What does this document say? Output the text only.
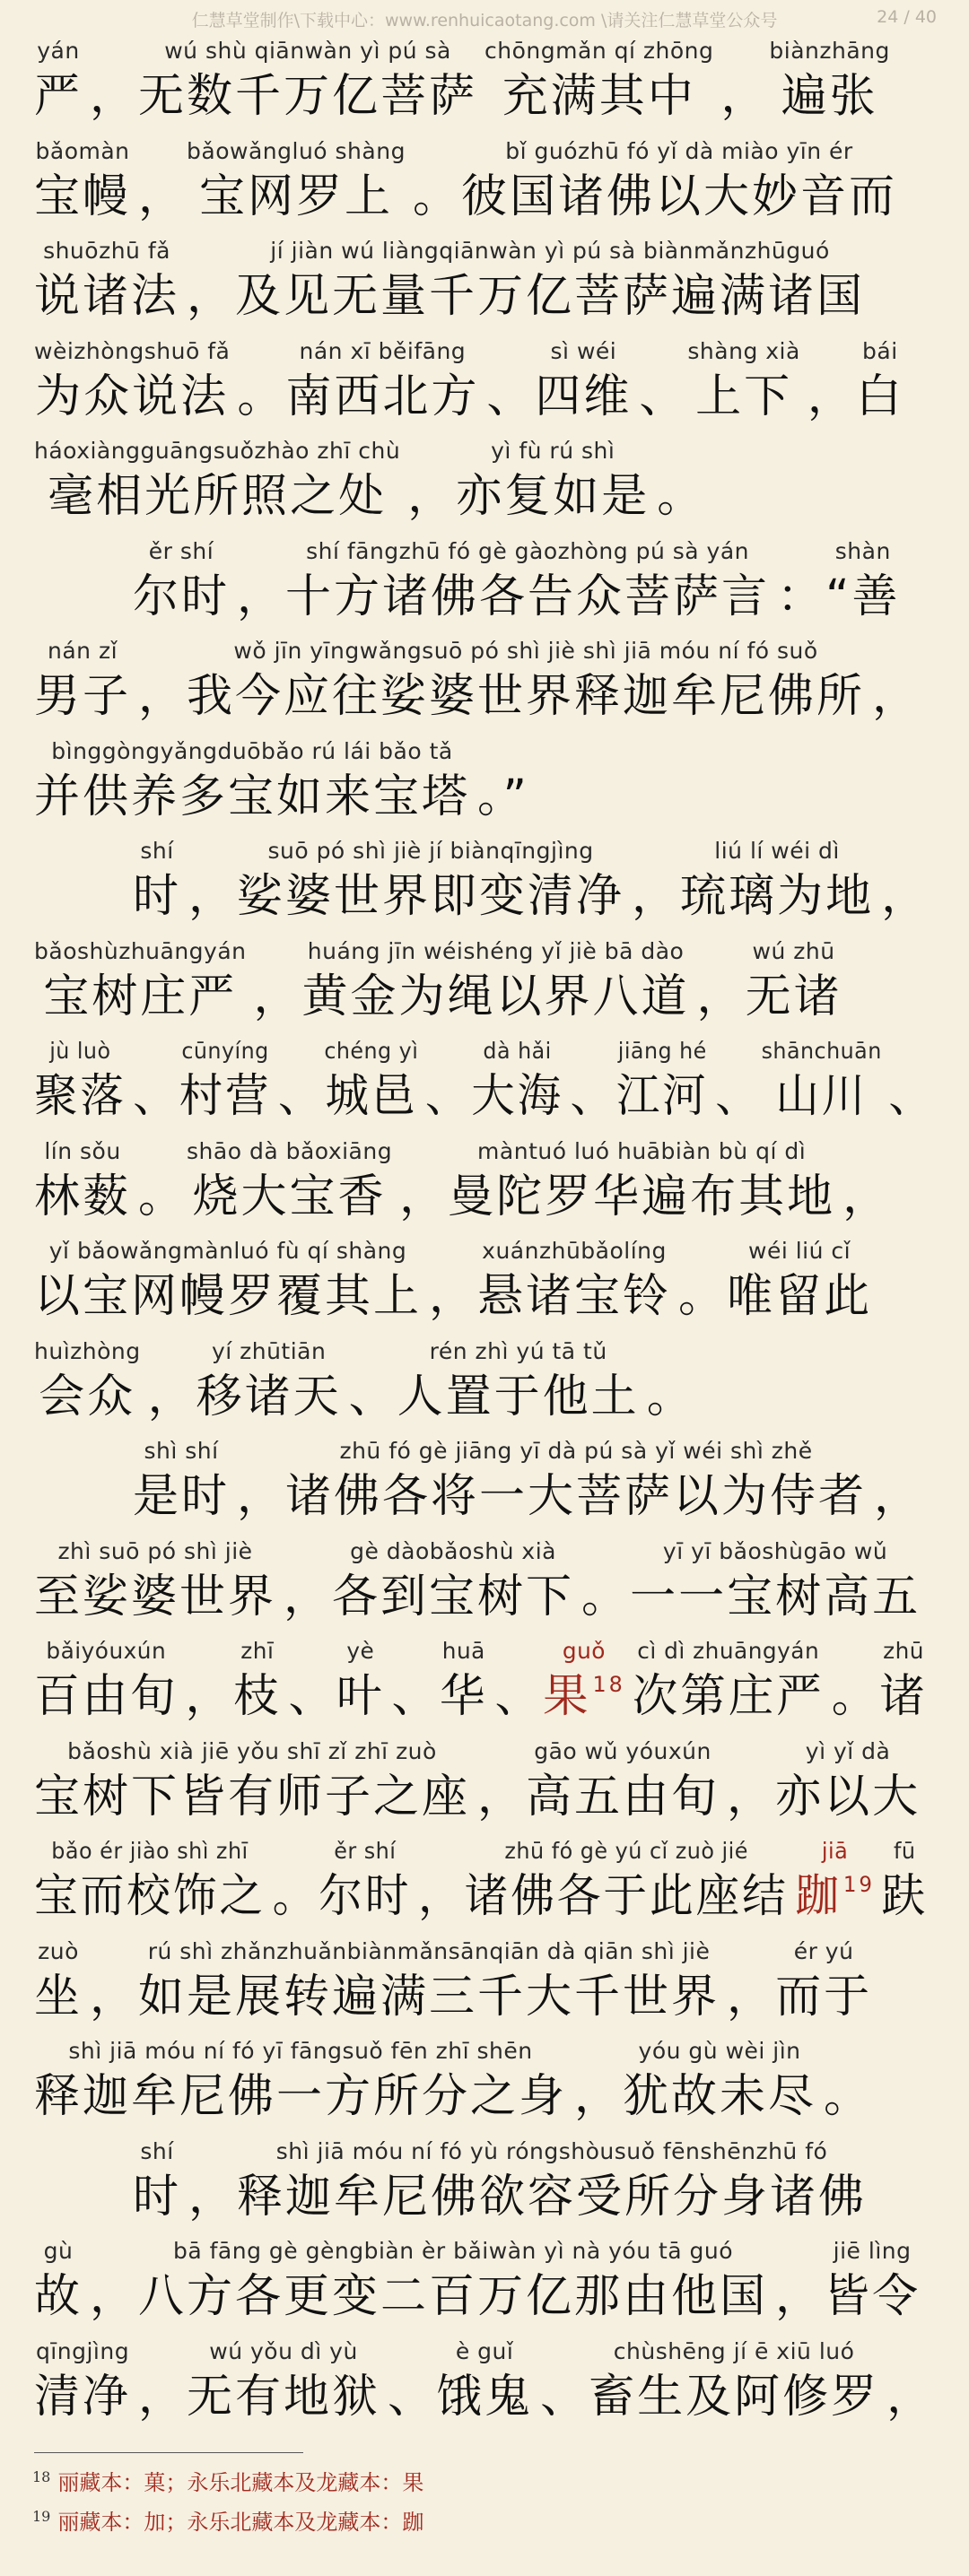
仁慧草堂制作\下载中心：www.renhuicaotang.com \请关注仁慧草堂公众号	24 / 40
yán
严 ，
wú shù qiānwàn yì pú sà
无数千万亿菩萨
chōngmǎn qí zhōng
充满其中 ，
biànzhāng
遍张
bǎomàn
宝幔 ，
bǎowǎngluó shàng
宝网罗上 。
bǐ guózhū fó yǐ dà miào yīn ér
彼国诸佛以大妙音而
shuōzhū fǎ
说诸法 ，
jí jiàn wú liàngqiānwàn yì pú sà biànmǎnzhūguó
及见无量千万亿菩萨遍满诸国
wèizhòngshuō fǎ
为众说法 。
nán xī běifāng
南西北方 、
sì wéi
四维 、
shàng xià
上下 ，
bái
白
háoxiàngguāngsuǒzhào zhī chù
毫相光所照之处 ，
yì fù rú shì
亦复如是 。
ěr shí
尔时 ，
shí fāngzhū fó gè gàozhòng pú sà yán
十方诸佛各告众菩萨言 ：
shàn
“善
nán zǐ
男子 ，
wǒ jīn yīngwǎngsuō pó shì jiè shì jiā móu ní fó suǒ
我今应往娑婆世界释迦牟尼佛所 ，
bìnggòngyǎngduōbǎo rú lái bǎo tǎ
并供养多宝如来宝塔 。”
shí
时 ，
suō pó shì jiè jí biànqīngjìng
娑婆世界即变清净 ，
liú lí wéi dì
琉璃为地 ，
bǎoshùzhuāngyán
宝树庄严 ，
huáng jīn wéishéng yǐ jiè bā dào
黄金为绳以界八道 ，
wú zhū
无诸
jù luò
聚落 、
cūnyíng
村营 、
chéng yì
城邑 、
dà hǎi
大海 、
jiāng hé
江河 、
shānchuān
山川 、
lín sǒu
林薮 。
shāo dà bǎoxiāng
烧大宝香 ，
màntuó luó huābiàn bù qí dì
曼陀罗华遍布其地 ，
yǐ bǎowǎngmànluó fù qí shàng
以宝网幔罗覆其上 ，
xuánzhūbǎolíng
悬诸宝铃 。
wéi liú cǐ
唯留此
huìzhòng
会众 ，
yí zhūtiān
移诸天 、
rén zhì yú tā tǔ
人置于他土 。
shì shí
是时 ，
zhū fó gè jiāng yī dà pú sà yǐ wéi shì zhě
诸佛各将一大菩萨以为侍者 ，
zhì suō pó shì jiè
至娑婆世界 ，
gè dàobǎoshù xià
各到宝树下 。
yī yī bǎoshùgāo wǔ
一一宝树高五
bǎiyóuxún
百由旬 ，
zhī
枝 、
yè
叶 、
huā
华 、
guǒ
果$^{18}$
cì dì zhuāngyán
次第庄严 。
zhū
诸
bǎoshù xià jiē yǒu shī zǐ zhī zuò
宝树下皆有师子之座 ，
gāo wǔ yóuxún
高五由旬 ，
yì yǐ dà
亦以大
bǎo ér jiào shì zhī
宝而校饰之 。
ěr shí
尔时 ，
zhū fó gè yú cǐ zuò jié
诸佛各于此座结
jiā
跏$^{19}$
fū
趺
zuò
坐 ，
rú shì zhǎnzhuǎnbiànmǎnsānqiān dà qiān shì jiè
如是展转遍满三千大千世界 ，
ér yú
而于
shì jiā móu ní fó yī fāngsuǒ fēn zhī shēn
释迦牟尼佛一方所分之身 ，
yóu gù wèi jìn
犹故未尽 。
shí
时 ，
shì jiā móu ní fó yù róngshòusuǒ fēnshēnzhū fó
释迦牟尼佛欲容受所分身诸佛
gù
故 ，
bā fāng gè gèngbiàn èr bǎiwàn yì nà yóu tā guó
八方各更变二百万亿那由他国 ，
jiē lìng
皆令
qīngjìng
清净 ，
wú yǒu dì yù
无有地狱 、
è guǐ
饿鬼 、
chùshēng jí ē xiū luó
畜生及阿修罗 ，
$^{18}$ 丽藏本：菓；永乐北藏本及龙藏本：果
$^{19}$ 丽藏本：加；永乐北藏本及龙藏本：跏
